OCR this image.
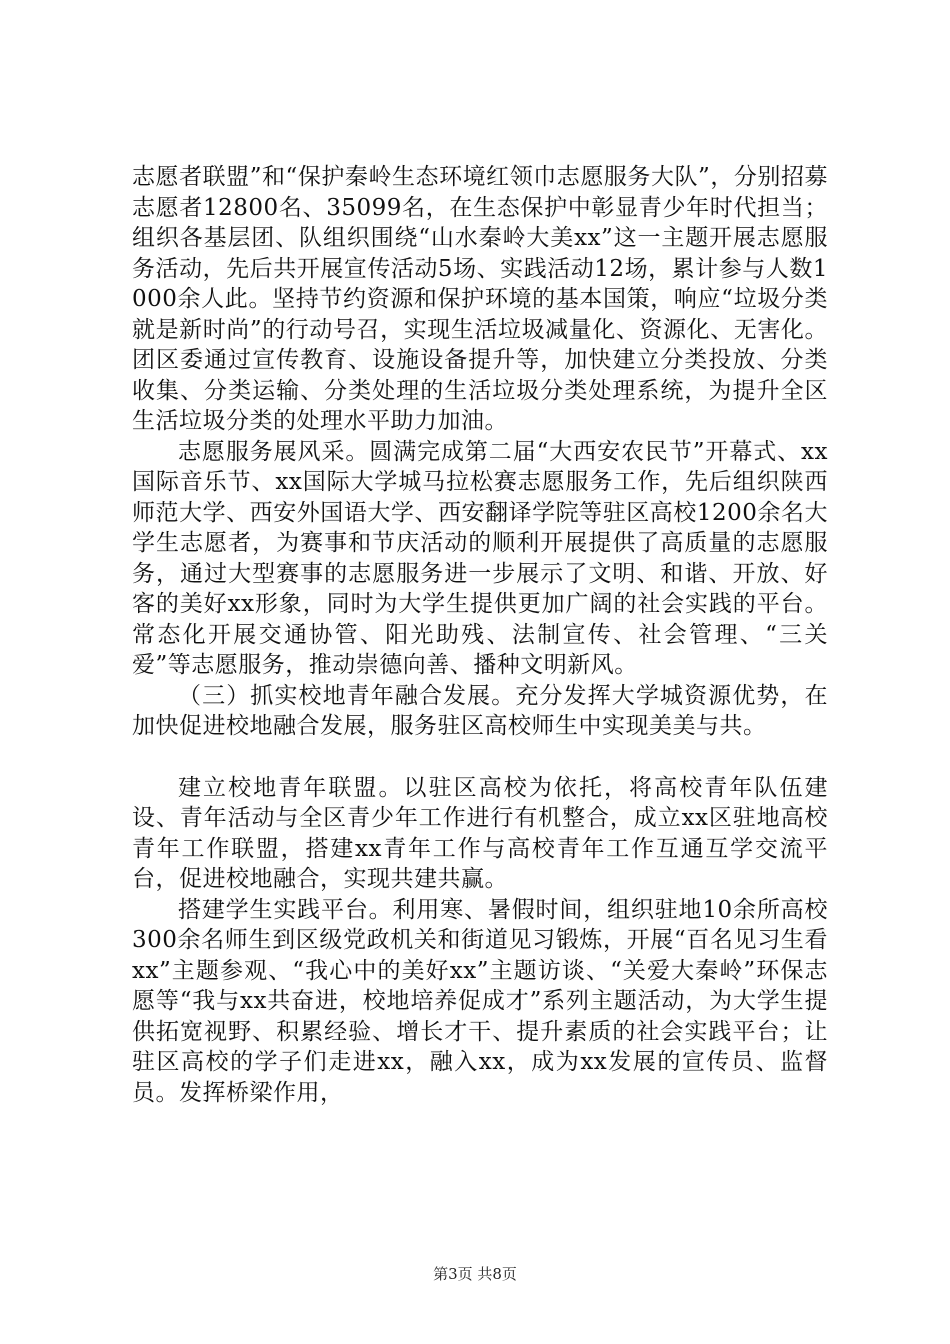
志愿者联盟”和“保护秦岭生态环境红领巾志愿服务大队”，分别招募志愿者12800名、35099名，在生态保护中彰显青少年时代担当；组织各基层团、队组织围绕“山水秦岭大美xx”这一主题开展志愿服务活动，先后共开展宣传活动5场、实践活动12场，累计参与人数1000余人此。坚持节约资源和保护环境的基本国策，响应“垃圾分类就是新时尚”的行动号召，实现生活垃圾减量化、资源化、无害化。团区委通过宣传教育、设施设备提升等，加快建立分类投放、分类收集、分类运输、分类处理的生活垃圾分类处理系统，为提升全区生活垃圾分类的处理水平助力加油。

志愿服务展风采。圆满完成第二届“大西安农民节”开幕式、xx国际音乐节、xx国际大学城马拉松赛志愿服务工作，先后组织陕西师范大学、西安外国语大学、西安翻译学院等驻区高校1200余名大学生志愿者，为赛事和节庆活动的顺利开展提供了高质量的志愿服务，通过大型赛事的志愿服务进一步展示了文明、和谐、开放、好客的美好xx形象，同时为大学生提供更加广阔的社会实践的平台。常态化开展交通协管、阳光助残、法制宣传、社会管理、“三关爱”等志愿服务，推动崇德向善、播种文明新风。

（三）抓实校地青年融合发展。充分发挥大学城资源优势，在加快促进校地融合发展，服务驻区高校师生中实现美美与共。

建立校地青年联盟。以驻区高校为依托，将高校青年队伍建设、青年活动与全区青少年工作进行有机整合，成立xx区驻地高校青年工作联盟，搭建xx青年工作与高校青年工作互通互学交流平台，促进校地融合，实现共建共赢。

搭建学生实践平台。利用寒、暑假时间，组织驻地10余所高校300余名师生到区级党政机关和街道见习锻炼，开展“百名见习生看xx”主题参观、“我心中的美好xx”主题访谈、“关爱大秦岭”环保志愿等“我与xx共奋进，校地培养促成才”系列主题活动，为大学生提供拓宽视野、积累经验、增长才干、提升素质的社会实践平台；让驻区高校的学子们走进xx，融入xx，成为xx发展的宣传员、监督员。发挥桥梁作用，

第3页 共8页
